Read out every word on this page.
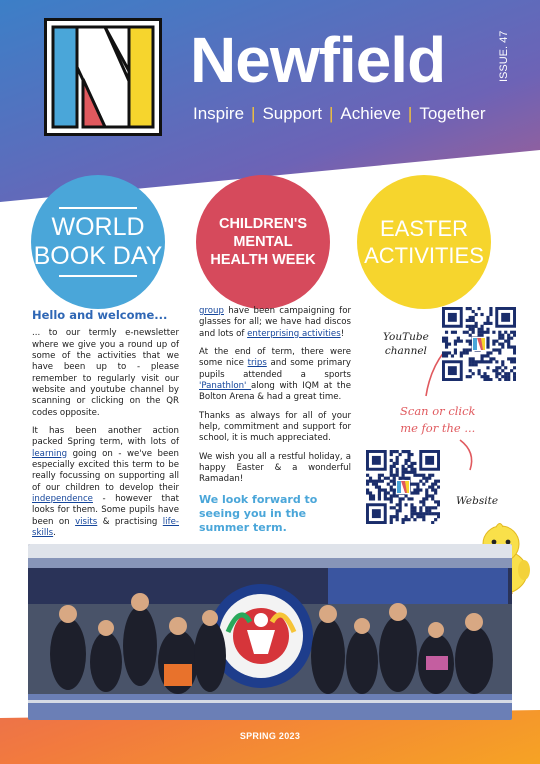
Newfield
Inspire | Support | Achieve | Together
ISSUE. 47
WORLD
BOOK DAY
CHILDREN'S
MENTAL
HEALTH WEEK
EASTER
ACTIVITIES
Hello and welcome...

... to our termly e-newsletter where we give you a round up of some of the activities that we have been up to - please remember to regularly visit our website and youtube channel by scanning or clicking on the QR codes opposite.

It has been another action packed Spring term, with lots of learning going on - we've been especially excited this term to be really focussing on supporting all of our children to develop their independence - however that looks for them. Some pupils have been on visits & practising life-skills.

group have been campaigning for glasses for all; we have had discos and lots of enterprising activities!

At the end of term, there were some nice trips and some primary pupils attended a sports 'Panathlon' along with IQM at the Bolton Arena & had a great time.

Thanks as always for all of your help, commitment and support for school, it is much appreciated.

We wish you all a restful holiday, a happy Easter & a wonderful Ramadan!

We look forward to seeing you in the summer term.
YouTube
channel
Scan or click
me for the ...
Website
SPRING 2023
